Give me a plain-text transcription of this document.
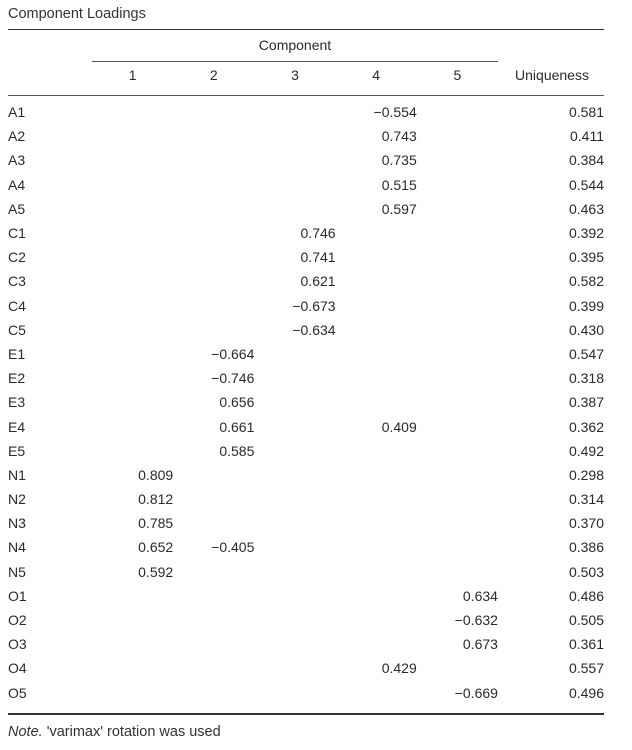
Component Loadings
Component
1	2	3	4	5	Uniqueness
A1				−0.554		0.581
A2				0.743		0.411
A3				0.735		0.384
A4				0.515		0.544
A5				0.597		0.463
C1			0.746			0.392
C2			0.741			0.395
C3			0.621			0.582
C4			−0.673			0.399
C5			−0.634			0.430
E1		−0.664				0.547
E2		−0.746				0.318
E3		0.656				0.387
E4		0.661		0.409		0.362
E5		0.585				0.492
N1	0.809					0.298
N2	0.812					0.314
N3	0.785					0.370
N4	0.652	−0.405				0.386
N5	0.592					0.503
O1					0.634	0.486
O2					−0.632	0.505
O3					0.673	0.361
O4				0.429		0.557
O5					−0.669	0.496
Note. 'varimax' rotation was used
